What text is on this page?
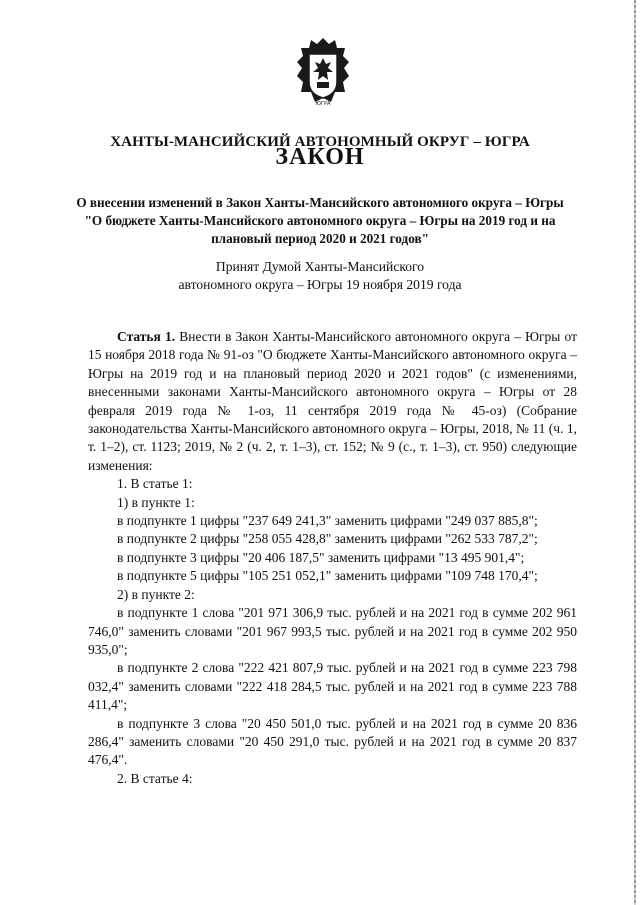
ЮГРА
ХАНТЫ-МАНСИЙСКИЙ АВТОНОМНЫЙ ОКРУГ – ЮГРА
ЗАКОН
О внесении изменений в Закон Ханты-Мансийского автономного округа – Югры "О бюджете Ханты-Мансийского автономного округа – Югры на 2019 год и на плановый период 2020 и 2021 годов"
Принят Думой Ханты-Мансийского
автономного округа – Югры 19 ноября 2019 года

Статья 1. Внести в Закон Ханты-Мансийского автономного округа – Югры от 15 ноября 2018 года № 91-оз "О бюджете Ханты-Мансийского автономного округа – Югры на 2019 год и на плановый период 2020 и 2021 годов" (с изменениями, внесенными законами Ханты-Мансийского автономного округа – Югры от 28 февраля 2019 года № 1-оз, 11 сентября 2019 года № 45-оз) (Собрание законодательства Ханты-Мансийского автономного округа – Югры, 2018, № 11 (ч. 1, т. 1–2), ст. 1123; 2019, № 2 (ч. 2, т. 1–3), ст. 152; № 9 (с., т. 1–3), ст. 950) следующие изменения:

1. В статье 1:

1) в пункте 1:

в подпункте 1 цифры "237 649 241,3" заменить цифрами "249 037 885,8";

в подпункте 2 цифры "258 055 428,8" заменить цифрами "262 533 787,2";

в подпункте 3 цифры "20 406 187,5" заменить цифрами "13 495 901,4";

в подпункте 5 цифры "105 251 052,1" заменить цифрами "109 748 170,4";

2) в пункте 2:

в подпункте 1 слова "201 971 306,9 тыс. рублей и на 2021 год в сумме 202 961 746,0" заменить словами "201 967 993,5 тыс. рублей и на 2021 год в сумме 202 950 935,0";

в подпункте 2 слова "222 421 807,9 тыс. рублей и на 2021 год в сумме 223 798 032,4" заменить словами "222 418 284,5 тыс. рублей и на 2021 год в сумме 223 788 411,4";

в подпункте 3 слова "20 450 501,0 тыс. рублей и на 2021 год в сумме 20 836 286,4" заменить словами "20 450 291,0 тыс. рублей и на 2021 год в сумме 20 837 476,4".

2. В статье 4:
